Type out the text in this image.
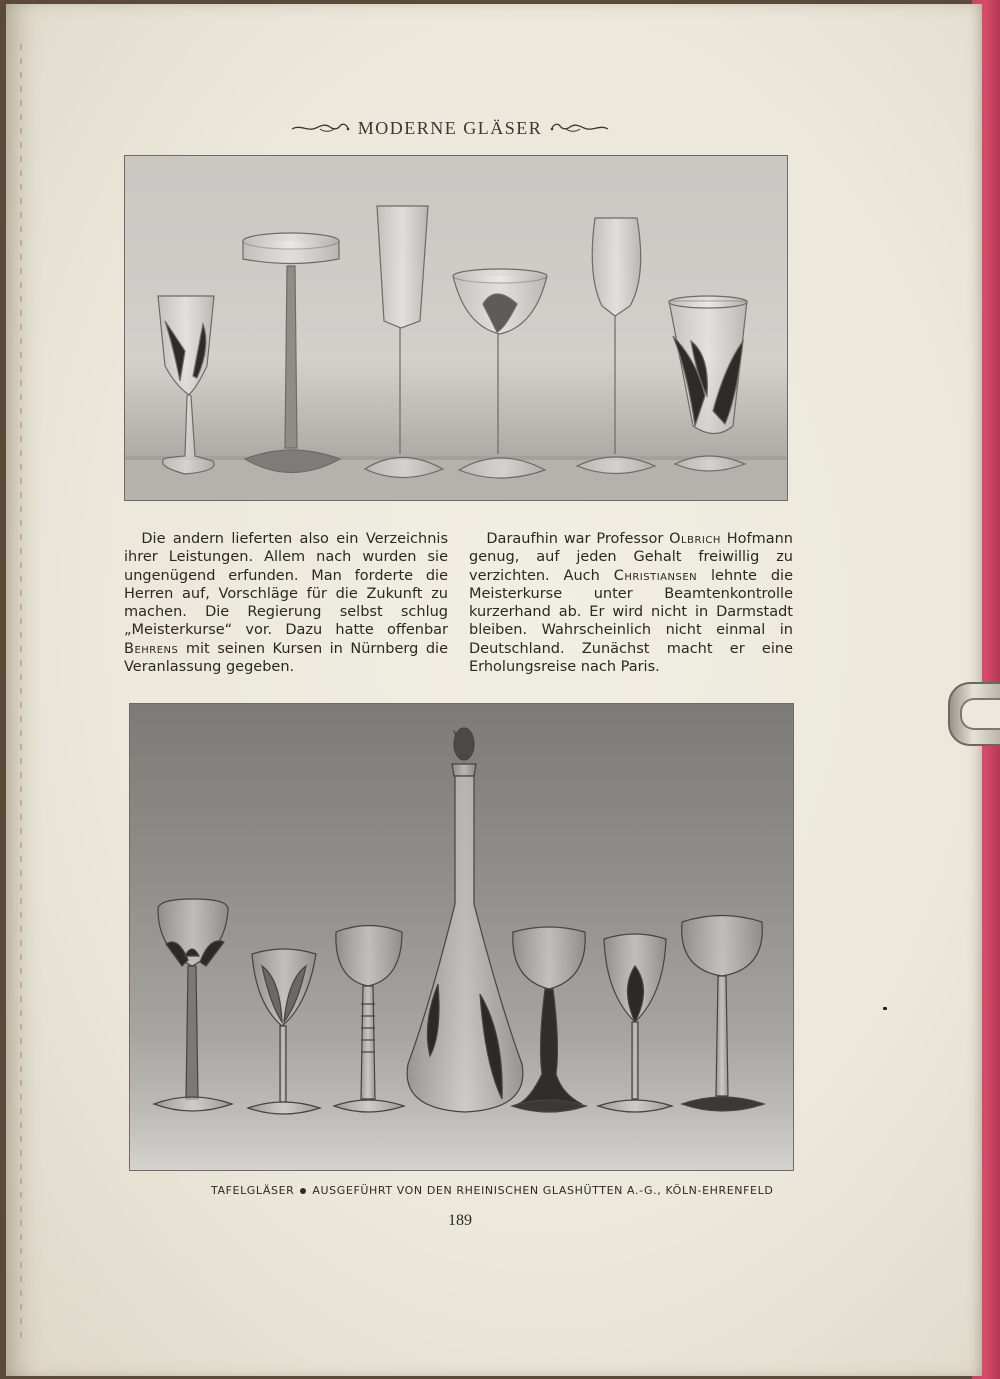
MODERNE GLÄSER

Die andern lieferten also ein Verzeichnis ihrer Leistungen. Allem nach wurden sie ungenügend erfunden. Man forderte die Herren auf, Vorschläge für die Zukunft zu machen. Die Regierung selbst schlug „Meisterkurse“ vor. Dazu hatte offenbar Behrens mit seinen Kursen in Nürnberg die Veranlassung gegeben.

Daraufhin war Professor Olbrich Hofmann genug, auf jeden Gehalt freiwillig zu verzichten. Auch Christiansen lehnte die Meisterkurse unter Beamtenkontrolle kurzerhand ab. Er wird nicht in Darmstadt bleiben. Wahrscheinlich nicht einmal in Deutschland. Zunächst macht er eine Erholungsreise nach Paris.

TAFELGLÄSER AUSGEFÜHRT VON DEN RHEINISCHEN GLASHÜTTEN A.-G., KÖLN-EHRENFELD
189
